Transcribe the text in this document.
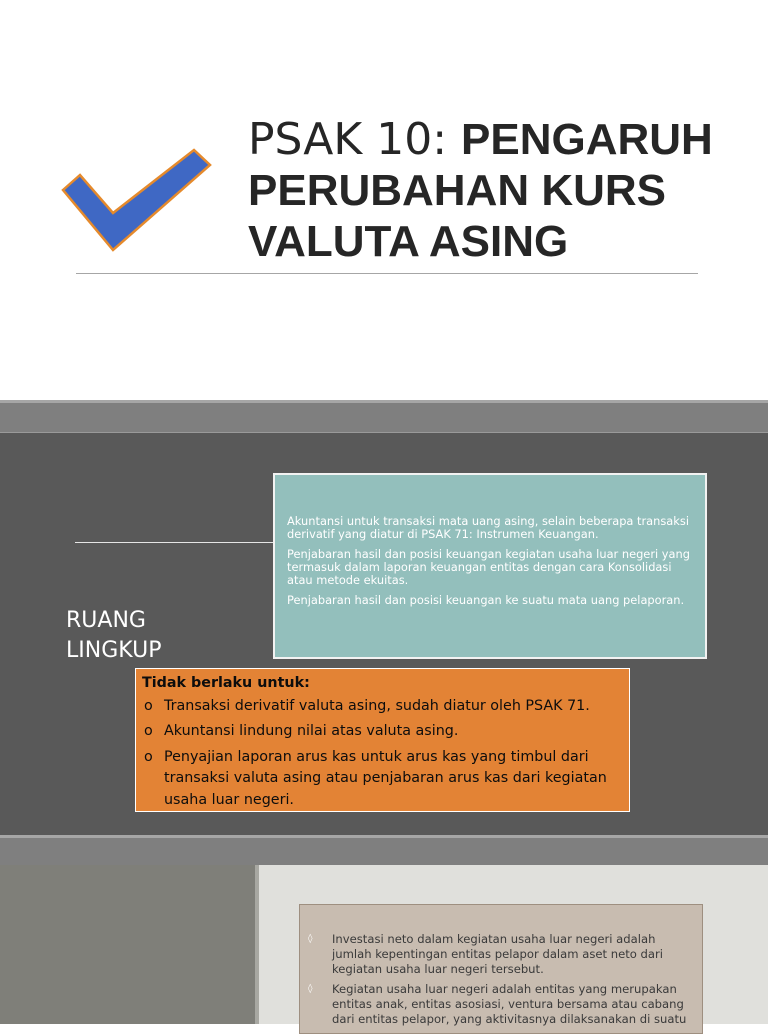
PSAK 10: PENGARUH
PERUBAHAN KURS
VALUTA ASING
RUANG
LINGKUP

Akuntansi untuk transaksi mata uang asing, selain beberapa transaksi derivatif yang diatur di PSAK 71: Instrumen Keuangan.

Penjabaran hasil dan posisi keuangan kegiatan usaha luar negeri yang termasuk dalam laporan keuangan entitas dengan cara Konsolidasi atau metode ekuitas.

Penjabaran hasil dan posisi keuangan ke suatu mata uang pelaporan.

Tidak berlaku untuk:
o Transaksi derivatif valuta asing, sudah diatur oleh PSAK 71.
o Akuntansi lindung nilai atas valuta asing.
o Penyajian laporan arus kas untuk arus kas yang timbul dari transaksi valuta asing atau penjabaran arus kas dari kegiatan usaha luar negeri.
◊ Investasi neto dalam kegiatan usaha luar negeri adalah jumlah kepentingan entitas pelapor dalam aset neto dari kegiatan usaha luar negeri tersebut.
◊ Kegiatan usaha luar negeri adalah entitas yang merupakan entitas anak, entitas asosiasi, ventura bersama atau cabang dari entitas pelapor, yang aktivitasnya dilaksanakan di suatu
